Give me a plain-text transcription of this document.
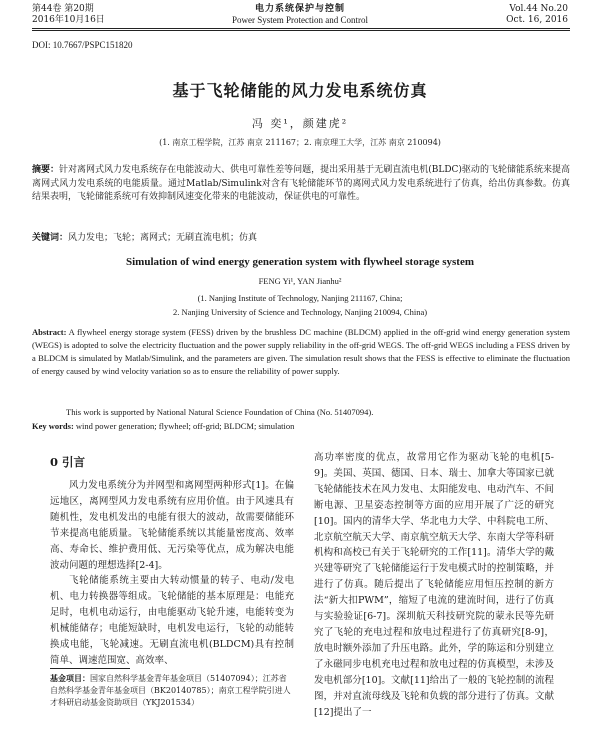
第44卷 第20期
2016年10月16日
电力系统保护与控制
Power System Protection and Control
Vol.44 No.20
Oct. 16, 2016
DOI: 10.7667/PSPC151820
基于飞轮储能的风力发电系统仿真
冯 奕¹，颜建虎²
(1. 南京工程学院，江苏 南京 211167；2. 南京理工大学，江苏 南京 210094)
摘要：针对离网式风力发电系统存在电能波动大、供电可靠性差等问题，提出采用基于无刷直流电机(BLDC)驱动的飞轮储能系统来提高离网式风力发电系统的电能质量。通过Matlab/Simulink对含有飞轮储能环节的离网式风力发电系统进行了仿真，给出仿真参数。仿真结果表明，飞轮储能系统可有效抑制风速变化带来的电能波动，保证供电的可靠性。
关键词：风力发电；飞轮；离网式；无刷直流电机；仿真
Simulation of wind energy generation system with flywheel storage system
FENG Yi¹, YAN Jianhu²
(1. Nanjing Institute of Technology, Nanjing 211167, China;
2. Nanjing University of Science and Technology, Nanjing 210094, China)
Abstract: A flywheel energy storage system (FESS) driven by the brushless DC machine (BLDCM) applied in the off-grid wind energy generation system (WEGS) is adopted to solve the electricity fluctuation and the power supply reliability in the off-grid WEGS. The off-grid WEGS including a FESS driven by a BLDCM is simulated by Matlab/Simulink, and the parameters are given. The simulation result shows that the FESS is effective to eliminate the fluctuation of energy caused by wind velocity variation so as to ensure the reliability of power supply.
This work is supported by National Natural Science Foundation of China (No. 51407094).
Key words: wind power generation; flywheel; off-grid; BLDCM; simulation
0 引言

风力发电系统分为并网型和离网型两种形式[1]。在偏远地区，离网型风力发电系统有应用价值。由于风速具有随机性，发电机发出的电能有很大的波动，故需要储能环节来提高电能质量。飞轮储能系统以其能量密度高、效率高、寿命长、维护费用低、无污染等优点，成为解决电能波动问题的理想选择[2-4]。

飞轮储能系统主要由大转动惯量的转子、电动/发电机、电力转换器等组成。飞轮储能的基本原理是：电能充足时，电机电动运行，由电能驱动飞轮升速，电能转变为机械能储存；电能短缺时，电机发电运行，飞轮的动能转换成电能，飞轮减速。无刷直流电机(BLDCM)具有控制简单、调速范围宽、高效率、

基金项目：国家自然科学基金青年基金项目（51407094）；江苏省自然科学基金青年基金项目（BK20140785）；南京工程学院引进人才科研启动基金资助项目（YKJ201534）

高功率密度的优点，故常用它作为驱动飞轮的电机[5-9]。美国、英国、德国、日本、瑞士、加拿大等国家已就飞轮储能技术在风力发电、太阳能发电、电动汽车、不间断电源、卫星姿态控制等方面的应用开展了广泛的研究[10]。国内的清华大学、华北电力大学、中科院电工所、北京航空航天大学、南京航空航天大学、东南大学等科研机构和高校已有关于飞轮研究的工作[11]。清华大学的戴兴建等研究了飞轮储能运行于发电模式时的控制策略，并进行了仿真。随后提出了飞轮储能应用恒压控制的新方法“新大扣PWM”，缩短了电流的建流时间，进行了仿真与实验验证[6-7]。深圳航天科技研究院的蒙永民等先研究了飞轮的充电过程和放电过程进行了仿真研究[8-9]，放电时额外添加了升压电路。此外，学的陈运和分别建立了永磁同步电机充电过程和放电过程的仿真模型，未涉及发电机部分[10]。文献[11]给出了一般的飞轮控制的流程图，并对直流母线及飞轮和负载的部分进行了仿真。文献[12]提出了一
